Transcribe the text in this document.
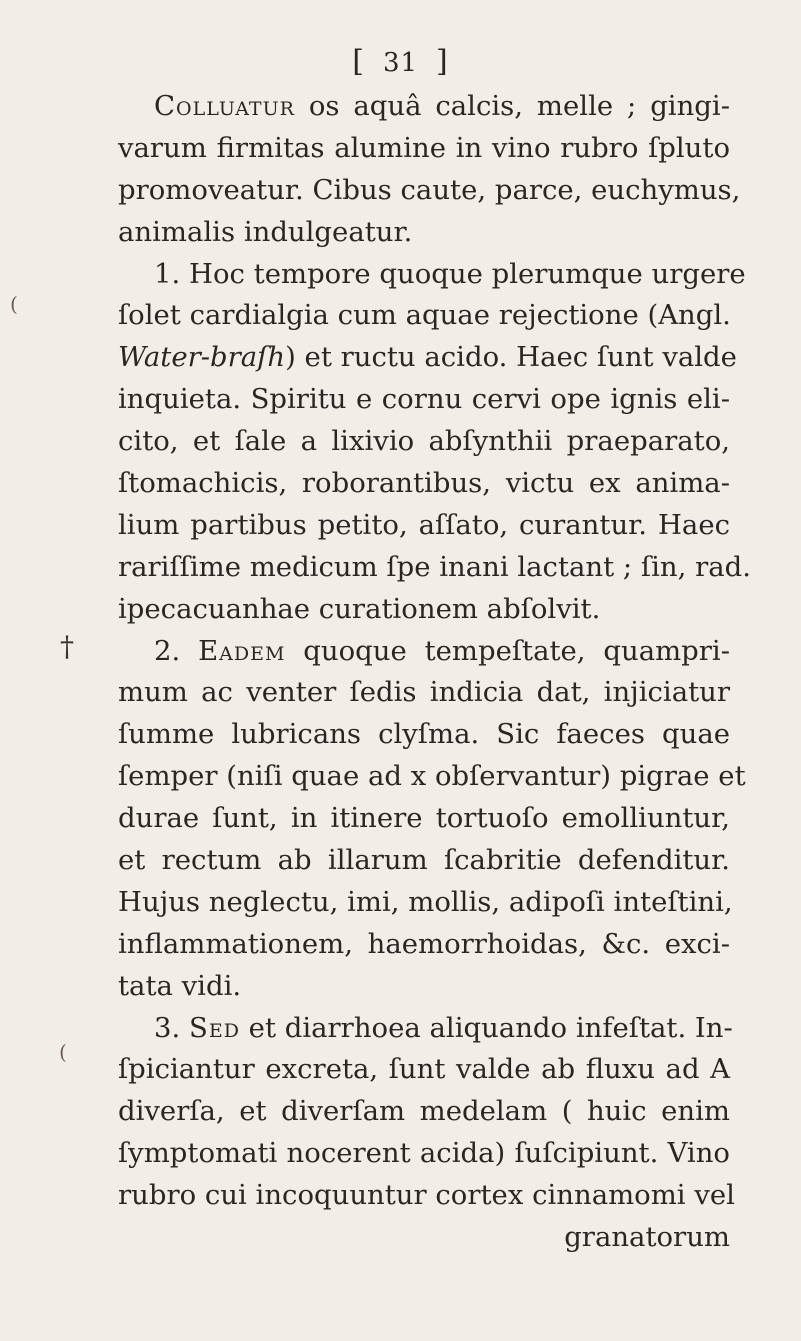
[ 31 ]
(
†
(
Colluatur os aquâ calcis, melle ; gingi-
varum firmitas alumine in vino rubro ſpluto
promoveatur. Cibus caute, parce, euchymus,
animalis indulgeatur.
1. Hoc tempore quoque plerumque urgere
ſolet cardialgia cum aquae rejectione (Angl.
Water-braſh) et ructu acido. Haec ſunt valde
inquieta. Spiritu e cornu cervi ope ignis eli-
cito, et ſale a lixivio abſynthii praeparato,
ſtomachicis, roborantibus, victu ex anima-
lium partibus petito, aſſato, curantur. Haec
rariſſime medicum ſpe inani lactant ; ſin, rad.
ipecacuanhae curationem abſolvit.
2. Eadem quoque tempeſtate, quampri-
mum ac venter ſedis indicia dat, injiciatur
ſumme lubricans clyſma. Sic faeces quae
ſemper (niſi quae ad x obſervantur) pigrae et
durae ſunt, in itinere tortuoſo emolliuntur,
et rectum ab illarum ſcabritie defenditur.
Hujus neglectu, imi, mollis, adipoſi inteſtini,
inflammationem, haemorrhoidas, &c. exci-
tata vidi.
3. Sed et diarrhoea aliquando infeſtat. In-
ſpiciantur excreta, ſunt valde ab fluxu ad A
diverſa, et diverſam medelam ( huic enim
ſymptomati nocerent acida) ſuſcipiunt. Vino
rubro cui incoquuntur cortex cinnamomi vel
granatorum
